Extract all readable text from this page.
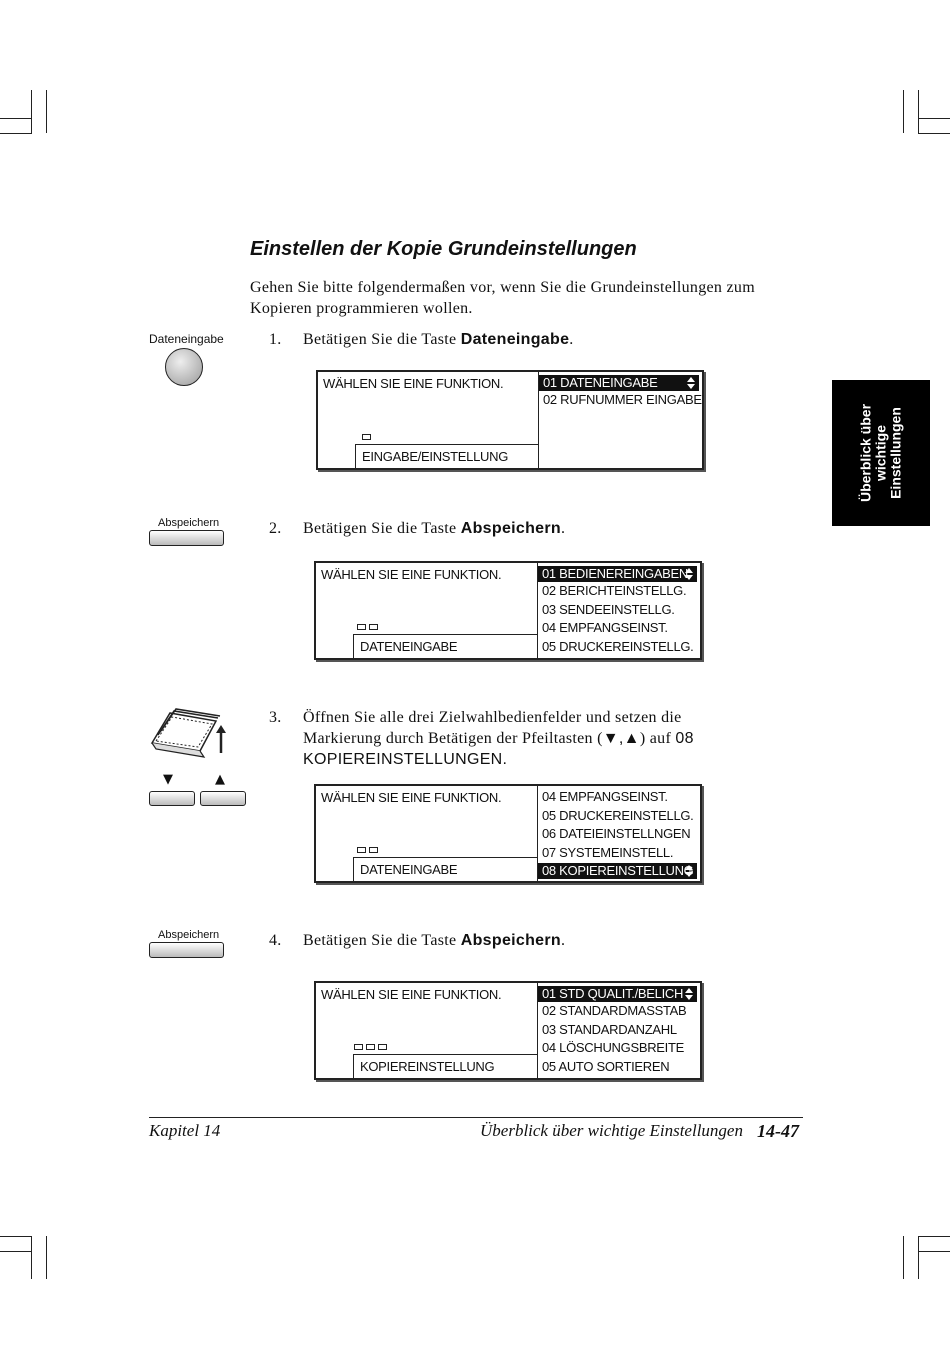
Einstellen der Kopie Grundeinstellungen
Gehen Sie bitte folgendermaßen vor, wenn Sie die Grundeinstellungen zum Kopieren programmieren wollen.
Überblick über wichtige Einstellungen
Dateneingabe	1. Betätigen Sie die Taste Dateneingabe.
WÄHLEN SIE EINE FUNKTION.
EINGABE/EINSTELLUNG
01 DATENEINGABE
02 RUFNUMMER EINGABE
Abspeichern	2. Betätigen Sie die Taste Abspeichern.
WÄHLEN SIE EINE FUNKTION.
DATENEINGABE
01 BEDIENEREINGABEN
02 BERICHTEINSTELLG.
03 SENDEEINSTELLG.
04 EMPFANGSEINST.
05 DRUCKEREINSTELLG.
▼	▲
3. Öffnen Sie alle drei Zielwahlbedienfelder und setzen die
Markierung durch Betätigen der Pfeiltasten (▼,▲) auf 08
KOPIEREINSTELLUNGEN.
WÄHLEN SIE EINE FUNKTION.
DATENEINGABE
04 EMPFANGSEINST.
05 DRUCKEREINSTELLG.
06 DATEIEINSTELLNGEN
07 SYSTEMEINSTELL.
08 KOPIEREINSTELLUNG
Abspeichern	4. Betätigen Sie die Taste Abspeichern.
WÄHLEN SIE EINE FUNKTION.
KOPIEREINSTELLUNG
01 STD QUALIT./BELICH
02 STANDARDMASSTAB
03 STANDARDANZAHL
04 LÖSCHUNGSBREITE
05 AUTO SORTIEREN
Kapitel 14	Überblick über wichtige Einstellungen 14-47
